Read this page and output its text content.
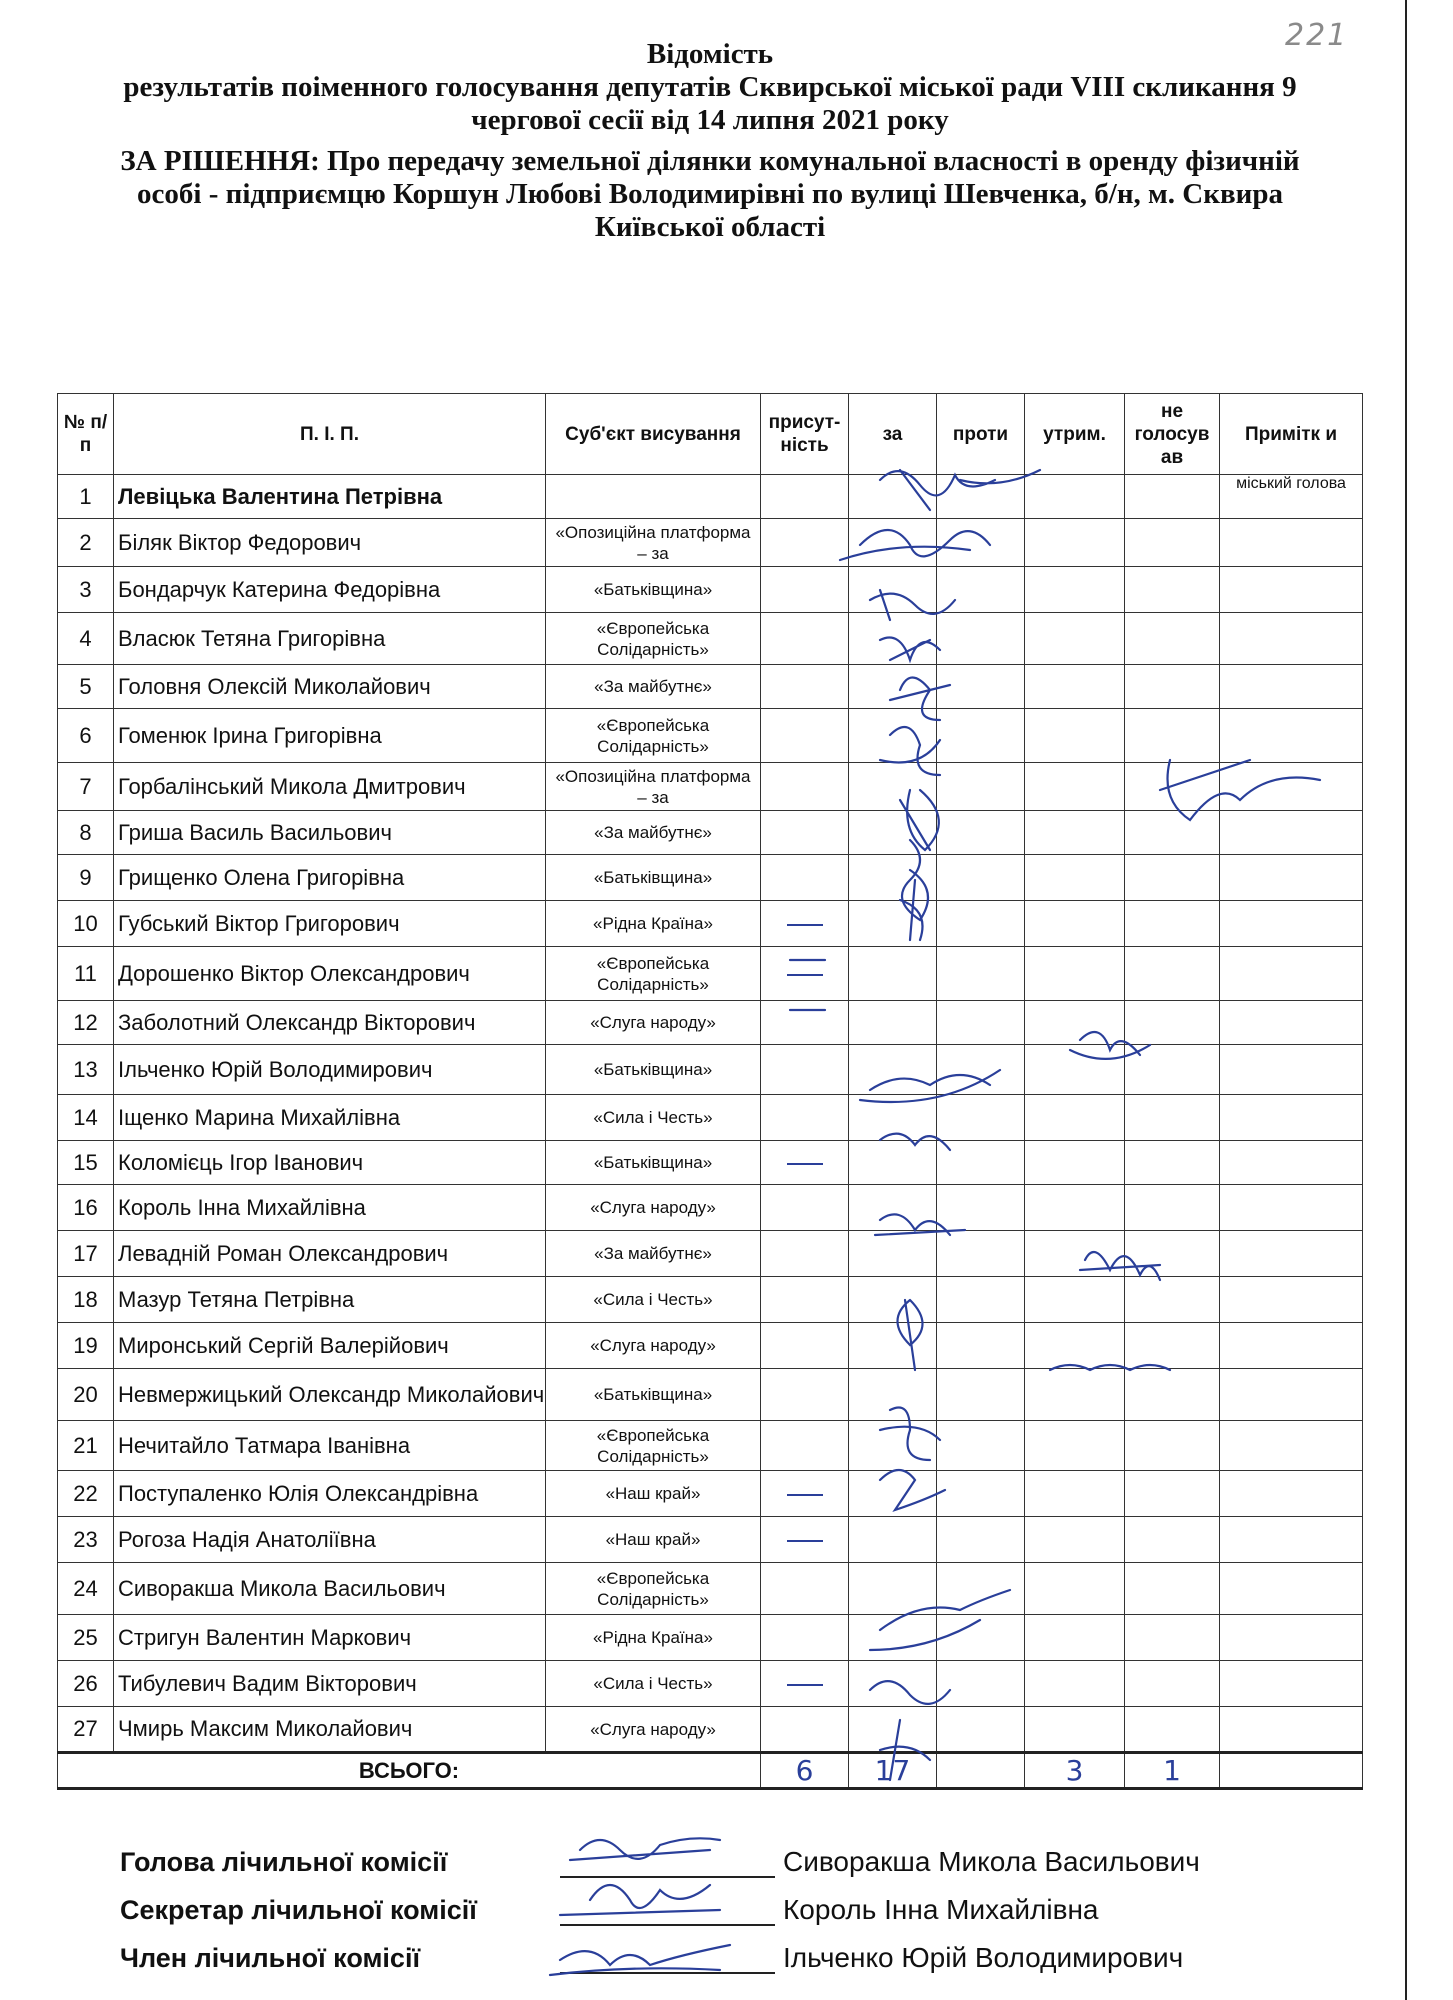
221
Відомість
результатів поіменного голосування депутатів Сквирської міської ради VIII скликання 9
чергової сесії від 14 липня 2021 року
ЗА РІШЕННЯ: Про передачу земельної ділянки комунальної власності в оренду фізичній
особі - підприємцю Коршун Любові Володимирівні по вулиці Шевченка, б/н, м. Сквира
Київської області
№ п/п	П. І. П.	Суб'єкт висування	присут-ність	за	проти	утрим.	не голосув ав	Примітк и
1	Левіцька Валентина Петрівна							міський голова
2	Біляк Віктор Федорович	«Опозиційна платформа – за						
3	Бондарчук Катерина Федорівна	«Батьківщина»						
4	Власюк Тетяна Григорівна	«Європейська Солідарність»						
5	Головня Олексій Миколайович	«За майбутнє»						
6	Гоменюк Ірина Григорівна	«Європейська Солідарність»						
7	Горбалінський Микола Дмитрович	«Опозиційна платформа – за						
8	Гриша Василь Васильович	«За майбутнє»						
9	Грищенко Олена Григорівна	«Батьківщина»						
10	Губський Віктор Григорович	«Рідна Країна»						
11	Дорошенко Віктор Олександрович	«Європейська Солідарність»						
12	Заболотний Олександр Вікторович	«Слуга народу»						
13	Ільченко Юрій Володимирович	«Батьківщина»						
14	Іщенко Марина Михайлівна	«Сила і Честь»						
15	Коломієць Ігор Іванович	«Батьківщина»						
16	Король Інна Михайлівна	«Слуга народу»						
17	Левадній Роман Олександрович	«За майбутнє»						
18	Мазур Тетяна Петрівна	«Сила і Честь»						
19	Миронський Сергій Валерійович	«Слуга народу»						
20	Невмержицький Олександр Миколайович	«Батьківщина»						
21	Нечитайло Татмара Іванівна	«Європейська Солідарність»						
22	Поступаленко Юлія Олександрівна	«Наш край»						
23	Рогоза Надія Анатоліївна	«Наш край»						
24	Сиворакша Микола Васильович	«Європейська Солідарність»						
25	Стригун Валентин Маркович	«Рідна Країна»						
26	Тибулевич Вадим Вікторович	«Сила і Честь»						
27	Чмирь Максим Миколайович	«Слуга народу»						
ВСЬОГО:			6	17		3	1	
Голова лічильної комісії	Сиворакша Микола Васильович
Секретар лічильної комісії	Король Інна Михайлівна
Член лічильної комісії	Ільченко Юрій Володимирович
